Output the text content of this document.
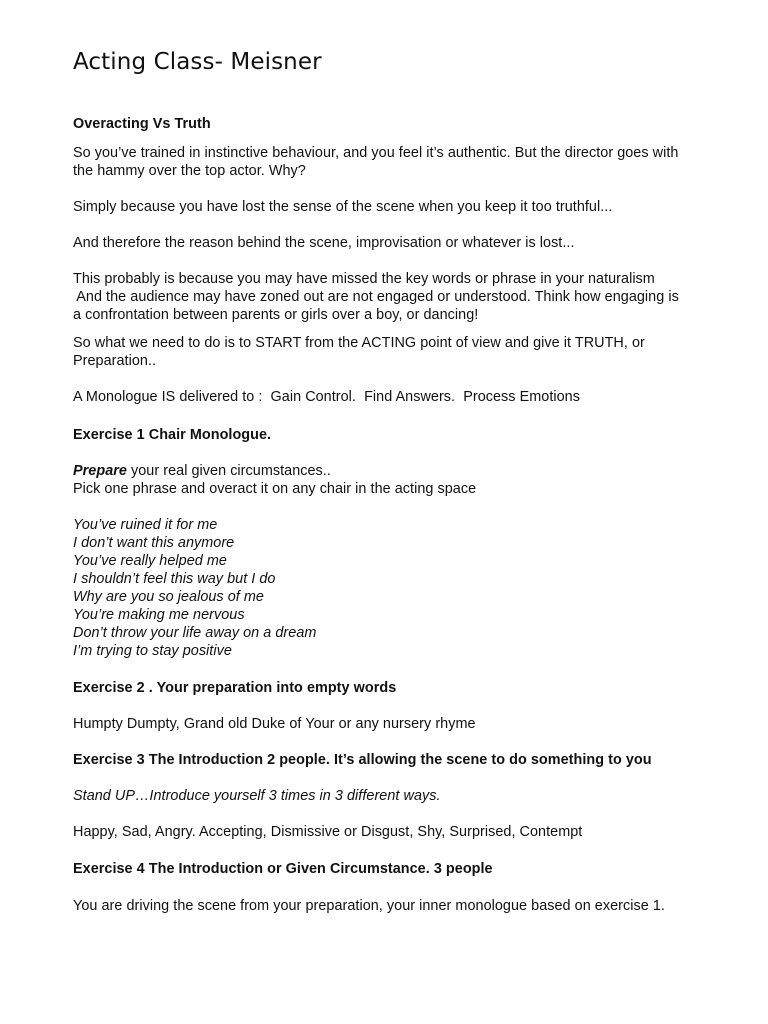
Acting Class- Meisner
Overacting Vs Truth
So you’ve trained in instinctive behaviour, and you feel it’s authentic. But the director goes with
the hammy over the top actor. Why?
Simply because you have lost the sense of the scene when you keep it too truthful...
And therefore the reason behind the scene, improvisation or whatever is lost...
This probably is because you may have missed the key words or phrase in your naturalism
And the audience may have zoned out are not engaged or understood. Think how engaging is
a confrontation between parents or girls over a boy, or dancing!
So what we need to do is to START from the ACTING point of view and give it TRUTH, or
Preparation..
A Monologue IS delivered to :  Gain Control.  Find Answers.  Process Emotions
Exercise 1 Chair Monologue.
Prepare your real given circumstances..
Pick one phrase and overact it on any chair in the acting space
You’ve ruined it for me
I don’t want this anymore
You’ve really helped me
I shouldn’t feel this way but I do
Why are you so jealous of me
You’re making me nervous
Don’t throw your life away on a dream
I’m trying to stay positive
Exercise 2 . Your preparation into empty words
Humpty Dumpty, Grand old Duke of Your or any nursery rhyme
Exercise 3 The Introduction 2 people. It’s allowing the scene to do something to you
Stand UP…Introduce yourself 3 times in 3 different ways.
Happy, Sad, Angry. Accepting, Dismissive or Disgust, Shy, Surprised, Contempt
Exercise 4 The Introduction or Given Circumstance. 3 people
You are driving the scene from your preparation, your inner monologue based on exercise 1.
